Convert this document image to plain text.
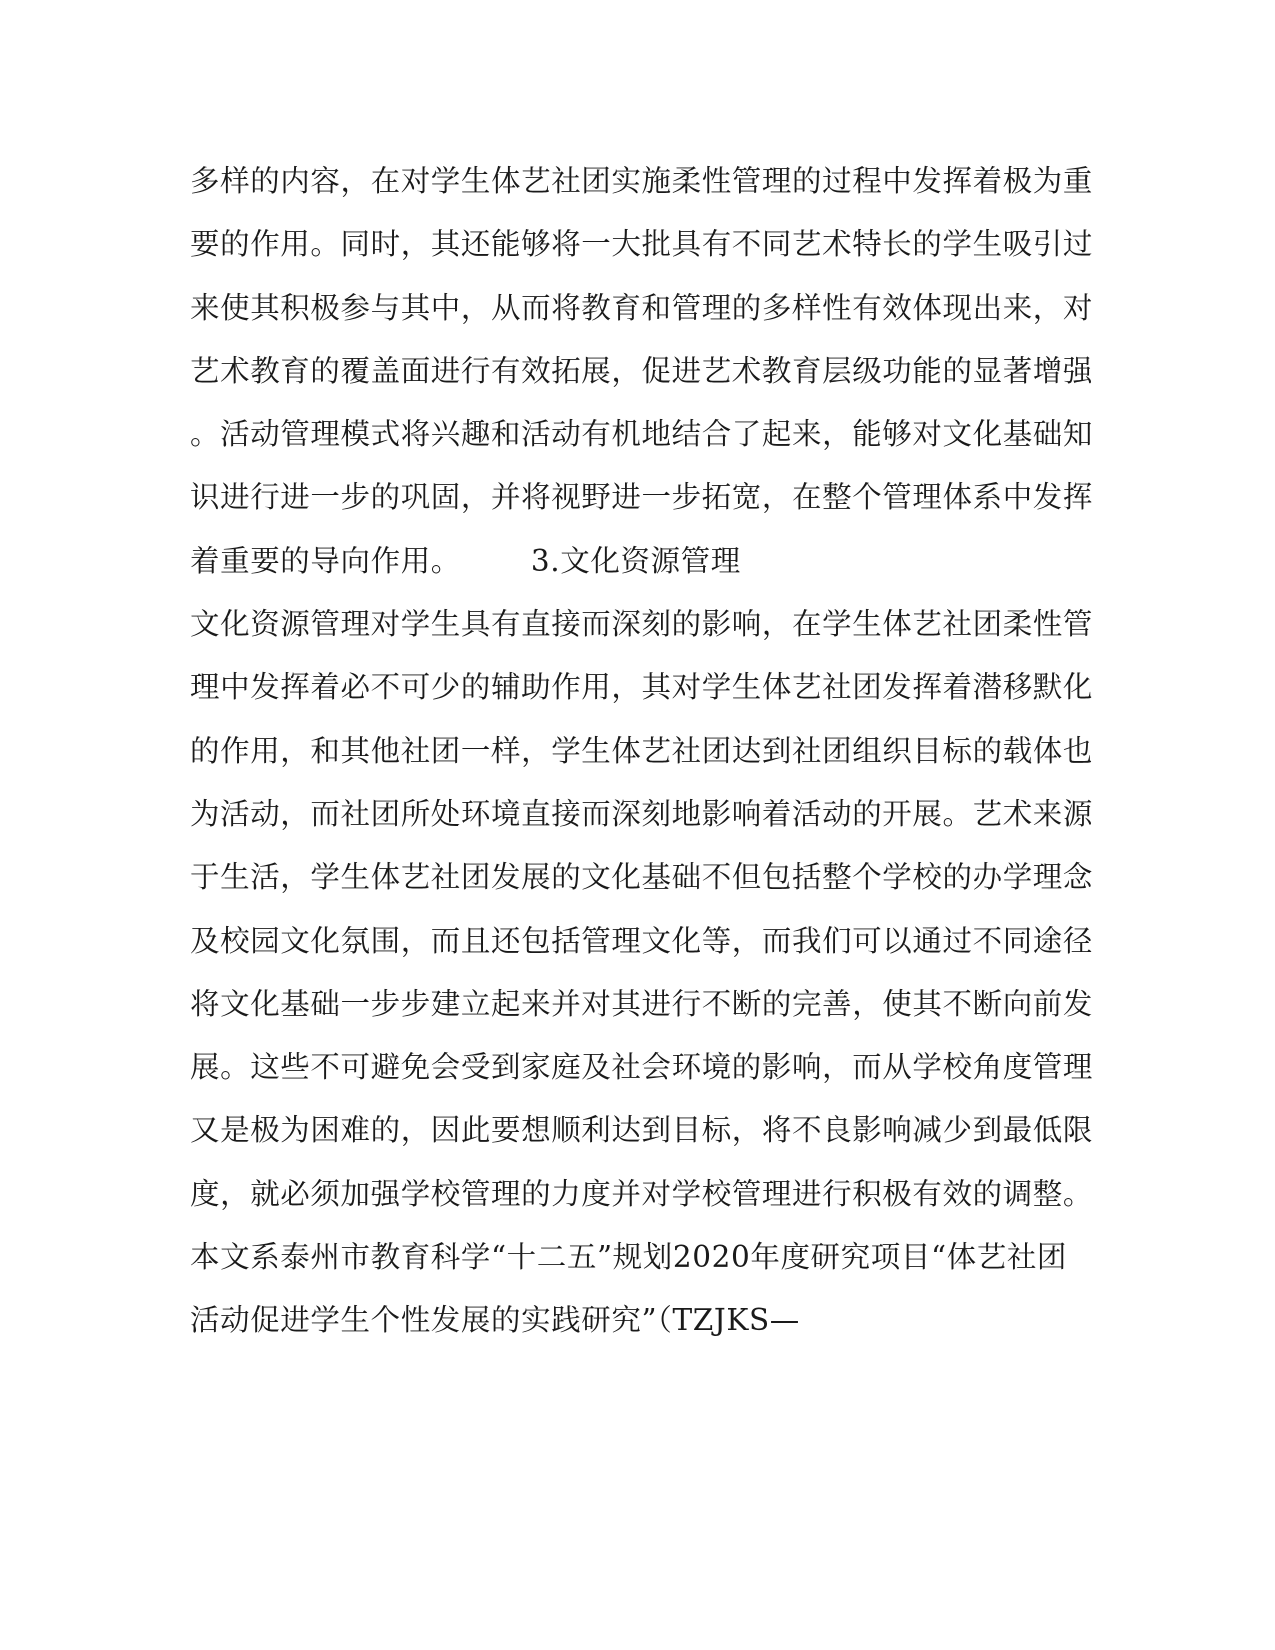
多样的内容，在对学生体艺社团实施柔性管理的过程中发挥着极为重
要的作用。同时，其还能够将一大批具有不同艺术特长的学生吸引过
来使其积极参与其中，从而将教育和管理的多样性有效体现出来，对
艺术教育的覆盖面进行有效拓展，促进艺术教育层级功能的显著增强
。活动管理模式将兴趣和活动有机地结合了起来，能够对文化基础知
识进行进一步的巩固，并将视野进一步拓宽，在整个管理体系中发挥
着重要的导向作用。 3.文化资源管理
文化资源管理对学生具有直接而深刻的影响，在学生体艺社团柔性管
理中发挥着必不可少的辅助作用，其对学生体艺社团发挥着潜移默化
的作用，和其他社团一样，学生体艺社团达到社团组织目标的载体也
为活动，而社团所处环境直接而深刻地影响着活动的开展。艺术来源
于生活，学生体艺社团发展的文化基础不但包括整个学校的办学理念
及校园文化氛围，而且还包括管理文化等，而我们可以通过不同途径
将文化基础一步步建立起来并对其进行不断的完善，使其不断向前发
展。这些不可避免会受到家庭及社会环境的影响，而从学校角度管理
又是极为困难的，因此要想顺利达到目标，将不良影响减少到最低限
度，就必须加强学校管理的力度并对学校管理进行积极有效的调整。
本文系泰州市教育科学“十二五”规划2020年度研究项目“体艺社团
活动促进学生个性发展的实践研究”（TZJKS—
